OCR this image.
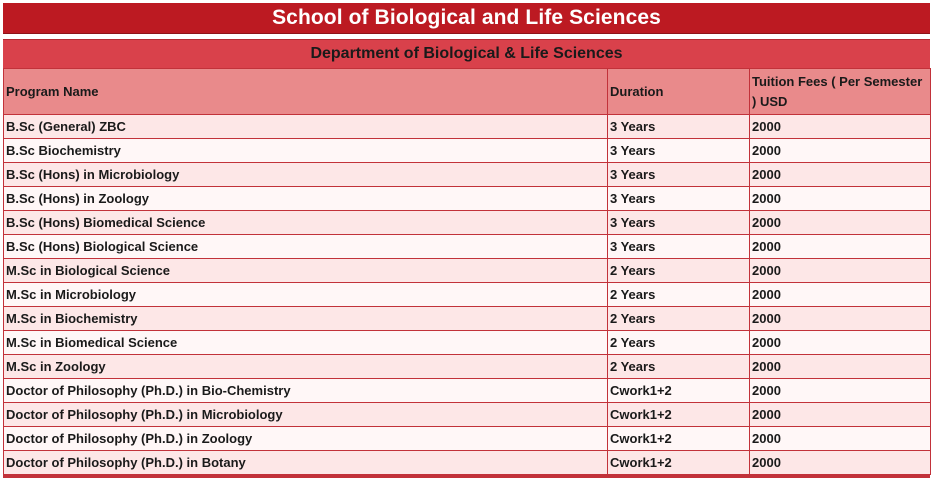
School of Biological and Life Sciences
Department of Biological & Life Sciences
Program Name	Duration	Tuition Fees ( Per Semester ) USD
B.Sc (General) ZBC	3 Years	2000
B.Sc Biochemistry	3 Years	2000
B.Sc (Hons) in Microbiology	3 Years	2000
B.Sc (Hons) in Zoology	3 Years	2000
B.Sc (Hons) Biomedical Science	3 Years	2000
B.Sc (Hons) Biological Science	3 Years	2000
M.Sc in Biological Science	2 Years	2000
M.Sc in Microbiology	2 Years	2000
M.Sc in Biochemistry	2 Years	2000
M.Sc in Biomedical Science	2 Years	2000
M.Sc in Zoology	2 Years	2000
Doctor of Philosophy (Ph.D.) in Bio-Chemistry	Cwork1+2	2000
Doctor of Philosophy (Ph.D.) in Microbiology	Cwork1+2	2000
Doctor of Philosophy (Ph.D.) in Zoology	Cwork1+2	2000
Doctor of Philosophy (Ph.D.) in Botany	Cwork1+2	2000
